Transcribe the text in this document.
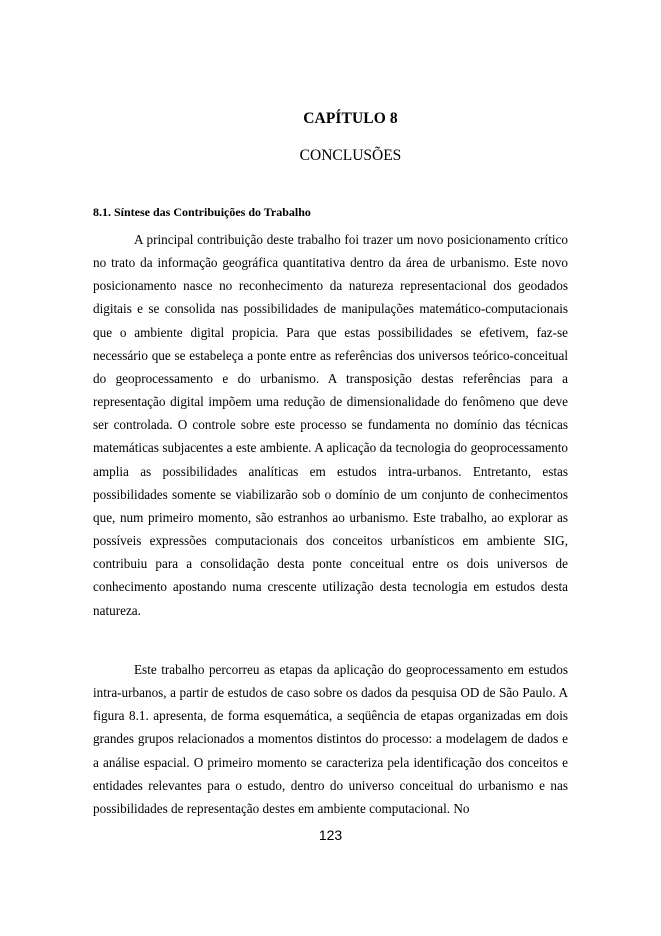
CAPÍTULO 8
CONCLUSÕES
8.1. Síntese das Contribuições do Trabalho

A principal contribuição deste trabalho foi trazer um novo posicionamento crítico no trato da informação geográfica quantitativa dentro da área de urbanismo. Este novo posicionamento nasce no reconhecimento da natureza representacional dos geodados digitais e se consolida nas possibilidades de manipulações matemático-computacionais que o ambiente digital propicia. Para que estas possibilidades se efetivem, faz-se necessário que se estabeleça a ponte entre as referências dos universos teórico-conceitual do geoprocessamento e do urbanismo. A transposição destas referências para a representação digital impõem uma redução de dimensionalidade do fenômeno que deve ser controlada. O controle sobre este processo se fundamenta no domínio das técnicas matemáticas subjacentes a este ambiente. A aplicação da tecnologia do geoprocessamento amplia as possibilidades analíticas em estudos intra-urbanos. Entretanto, estas possibilidades somente se viabilizarão sob o domínio de um conjunto de conhecimentos que, num primeiro momento, são estranhos ao urbanismo. Este trabalho, ao explorar as possíveis expressões computacionais dos conceitos urbanísticos em ambiente SIG, contribuiu para a consolidação desta ponte conceitual entre os dois universos de conhecimento apostando numa crescente utilização desta tecnologia em estudos desta natureza.

Este trabalho percorreu as etapas da aplicação do geoprocessamento em estudos intra-urbanos, a partir de estudos de caso sobre os dados da pesquisa OD de São Paulo. A figura 8.1. apresenta, de forma esquemática, a seqüência de etapas organizadas em dois grandes grupos relacionados a momentos distintos do processo: a modelagem de dados e a análise espacial. O primeiro momento se caracteriza pela identificação dos conceitos e entidades relevantes para o estudo, dentro do universo conceitual do urbanismo e nas possibilidades de representação destes em ambiente computacional. No

123
